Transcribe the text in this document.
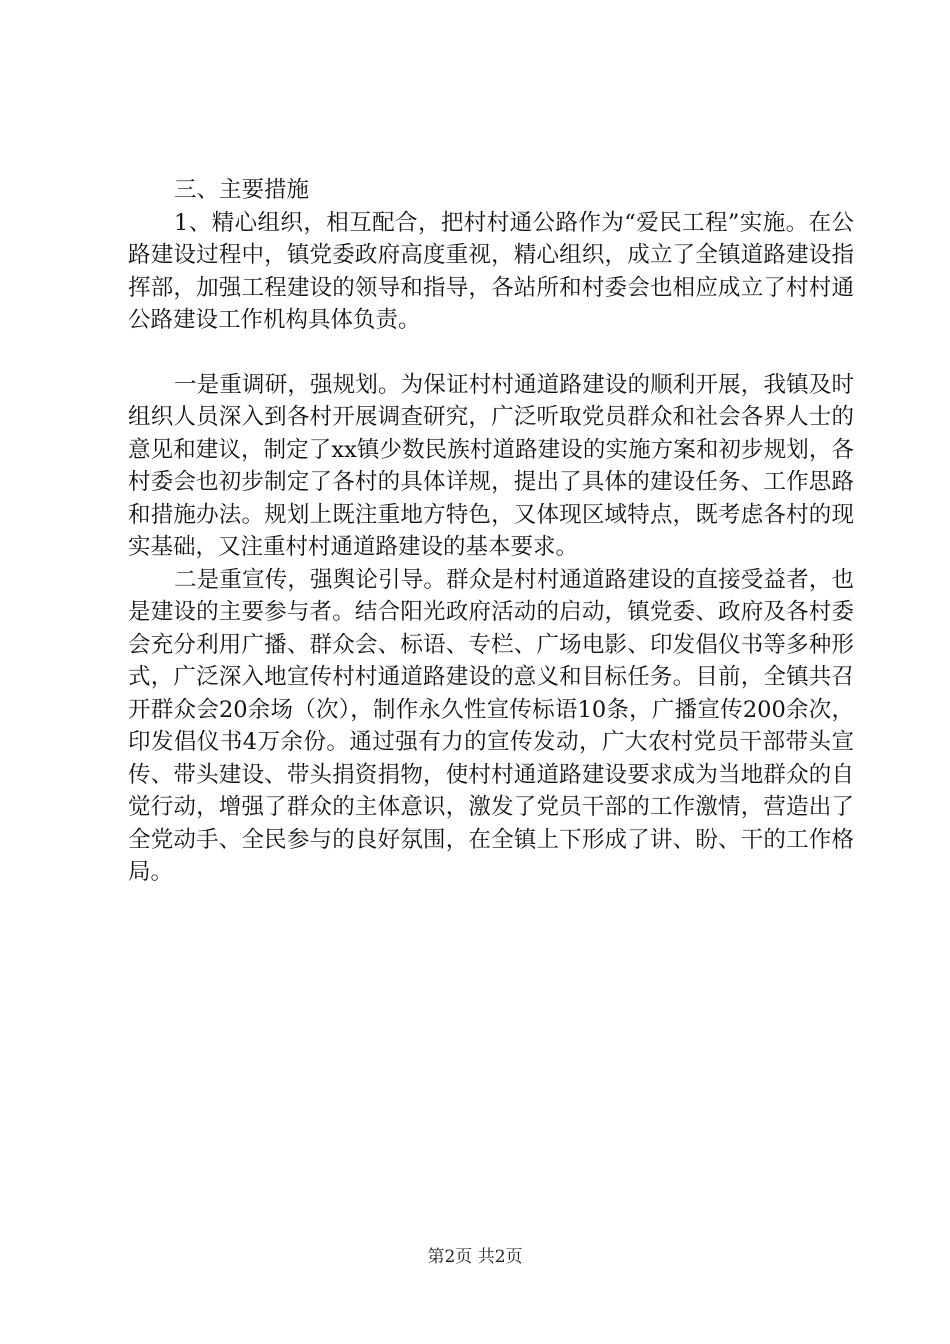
三、主要措施

1、精心组织，相互配合，把村村通公路作为“爱民工程”实施。在公路建设过程中，镇党委政府高度重视，精心组织，成立了全镇道路建设指挥部，加强工程建设的领导和指导，各站所和村委会也相应成立了村村通公路建设工作机构具体负责。

一是重调研，强规划。为保证村村通道路建设的顺利开展，我镇及时组织人员深入到各村开展调查研究，广泛听取党员群众和社会各界人士的意见和建议，制定了xx镇少数民族村道路建设的实施方案和初步规划，各村委会也初步制定了各村的具体详规，提出了具体的建设任务、工作思路和措施办法。规划上既注重地方特色，又体现区域特点，既考虑各村的现实基础，又注重村村通道路建设的基本要求。

二是重宣传，强舆论引导。群众是村村通道路建设的直接受益者，也是建设的主要参与者。结合阳光政府活动的启动，镇党委、政府及各村委会充分利用广播、群众会、标语、专栏、广场电影、印发倡仪书等多种形式，广泛深入地宣传村村通道路建设的意义和目标任务。目前，全镇共召开群众会20余场（次），制作永久性宣传标语10条，广播宣传200余次，印发倡仪书4万余份。通过强有力的宣传发动，广大农村党员干部带头宣传、带头建设、带头捐资捐物，使村村通道路建设要求成为当地群众的自觉行动，增强了群众的主体意识，激发了党员干部的工作激情，营造出了全党动手、全民参与的良好氛围，在全镇上下形成了讲、盼、干的工作格局。

第2页 共2页
